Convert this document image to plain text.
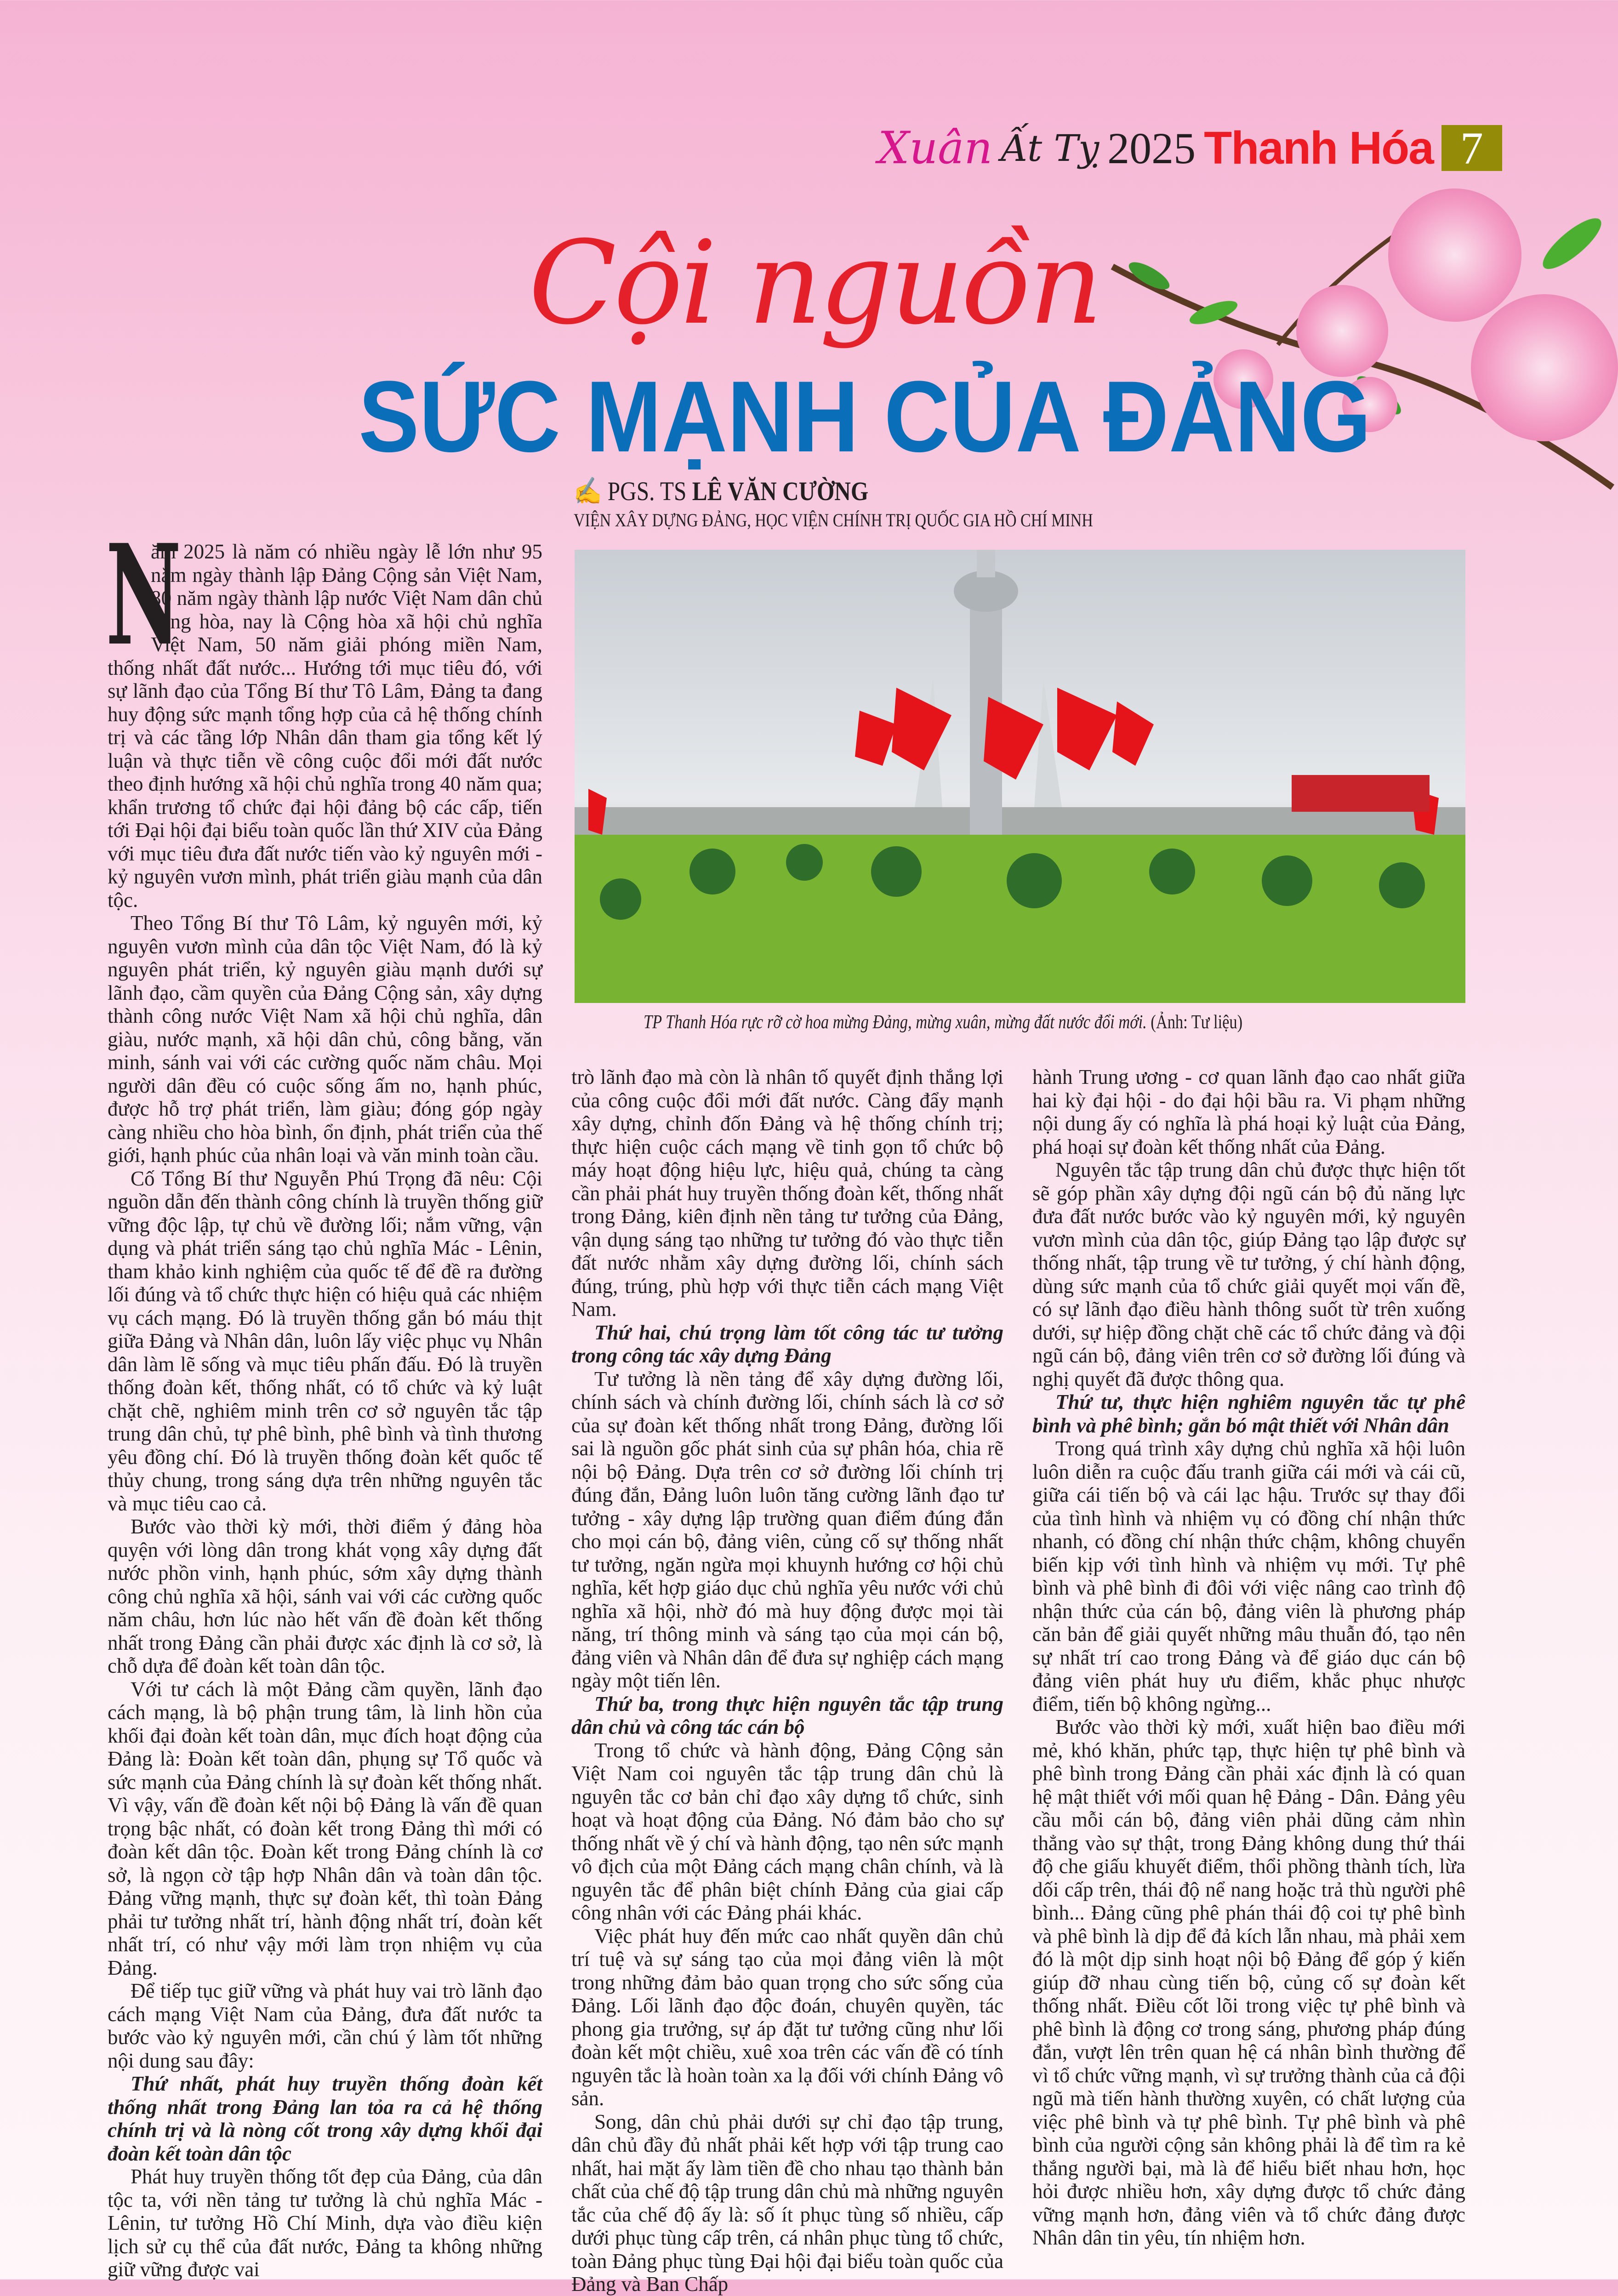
Xuân Ất Tỵ 2025 Thanh Hóa 7
Cội nguồn
SỨC MẠNH CỦA ĐẢNG
✍ PGS. TS LÊ VĂN CƯỜNG
VIỆN XÂY DỰNG ĐẢNG, HỌC VIỆN CHÍNH TRỊ QUỐC GIA HỒ CHÍ MINH
TP Thanh Hóa rực rỡ cờ hoa mừng Đảng, mừng xuân, mừng đất nước đổi mới. (Ảnh: Tư liệu)

N
ăm 2025 là năm có nhiều ngày lễ lớn như 95 năm ngày thành lập Đảng Cộng sản Việt Nam, 80 năm ngày thành lập nước Việt Nam dân chủ cộng hòa, nay là Cộng hòa xã hội chủ nghĩa Việt Nam, 50 năm giải phóng miền Nam, thống nhất đất nước... Hướng tới mục tiêu đó, với sự lãnh đạo của Tổng Bí thư Tô Lâm, Đảng ta đang huy động sức mạnh tổng hợp của cả hệ thống chính trị và các tầng lớp Nhân dân tham gia tổng kết lý luận và thực tiễn về công cuộc đổi mới đất nước theo định hướng xã hội chủ nghĩa trong 40 năm qua; khẩn trương tổ chức đại hội đảng bộ các cấp, tiến tới Đại hội đại biểu toàn quốc lần thứ XIV của Đảng với mục tiêu đưa đất nước tiến vào kỷ nguyên mới - kỷ nguyên vươn mình, phát triển giàu mạnh của dân tộc.

Theo Tổng Bí thư Tô Lâm, kỷ nguyên mới, kỷ nguyên vươn mình của dân tộc Việt Nam, đó là kỷ nguyên phát triển, kỷ nguyên giàu mạnh dưới sự lãnh đạo, cầm quyền của Đảng Cộng sản, xây dựng thành công nước Việt Nam xã hội chủ nghĩa, dân giàu, nước mạnh, xã hội dân chủ, công bằng, văn minh, sánh vai với các cường quốc năm châu. Mọi người dân đều có cuộc sống ấm no, hạnh phúc, được hỗ trợ phát triển, làm giàu; đóng góp ngày càng nhiều cho hòa bình, ổn định, phát triển của thế giới, hạnh phúc của nhân loại và văn minh toàn cầu.

Cố Tổng Bí thư Nguyễn Phú Trọng đã nêu: Cội nguồn dẫn đến thành công chính là truyền thống giữ vững độc lập, tự chủ về đường lối; nắm vững, vận dụng và phát triển sáng tạo chủ nghĩa Mác - Lênin, tham khảo kinh nghiệm của quốc tế để đề ra đường lối đúng và tổ chức thực hiện có hiệu quả các nhiệm vụ cách mạng. Đó là truyền thống gắn bó máu thịt giữa Đảng và Nhân dân, luôn lấy việc phục vụ Nhân dân làm lẽ sống và mục tiêu phấn đấu. Đó là truyền thống đoàn kết, thống nhất, có tổ chức và kỷ luật chặt chẽ, nghiêm minh trên cơ sở nguyên tắc tập trung dân chủ, tự phê bình, phê bình và tình thương yêu đồng chí. Đó là truyền thống đoàn kết quốc tế thủy chung, trong sáng dựa trên những nguyên tắc và mục tiêu cao cả.

Bước vào thời kỳ mới, thời điểm ý đảng hòa quyện với lòng dân trong khát vọng xây dựng đất nước phồn vinh, hạnh phúc, sớm xây dựng thành công chủ nghĩa xã hội, sánh vai với các cường quốc năm châu, hơn lúc nào hết vấn đề đoàn kết thống nhất trong Đảng cần phải được xác định là cơ sở, là chỗ dựa để đoàn kết toàn dân tộc.

Với tư cách là một Đảng cầm quyền, lãnh đạo cách mạng, là bộ phận trung tâm, là linh hồn của khối đại đoàn kết toàn dân, mục đích hoạt động của Đảng là: Đoàn kết toàn dân, phụng sự Tổ quốc và sức mạnh của Đảng chính là sự đoàn kết thống nhất. Vì vậy, vấn đề đoàn kết nội bộ Đảng là vấn đề quan trọng bậc nhất, có đoàn kết trong Đảng thì mới có đoàn kết dân tộc. Đoàn kết trong Đảng chính là cơ sở, là ngọn cờ tập hợp Nhân dân và toàn dân tộc. Đảng vững mạnh, thực sự đoàn kết, thì toàn Đảng phải tư tưởng nhất trí, hành động nhất trí, đoàn kết nhất trí, có như vậy mới làm trọn nhiệm vụ của Đảng.

Để tiếp tục giữ vững và phát huy vai trò lãnh đạo cách mạng Việt Nam của Đảng, đưa đất nước ta bước vào kỷ nguyên mới, cần chú ý làm tốt những nội dung sau đây:

Thứ nhất, phát huy truyền thống đoàn kết thống nhất trong Đảng lan tỏa ra cả hệ thống chính trị và là nòng cốt trong xây dựng khối đại đoàn kết toàn dân tộc

Phát huy truyền thống tốt đẹp của Đảng, của dân tộc ta, với nền tảng tư tưởng là chủ nghĩa Mác - Lênin, tư tưởng Hồ Chí Minh, dựa vào điều kiện lịch sử cụ thể của đất nước, Đảng ta không những giữ vững được vai

trò lãnh đạo mà còn là nhân tố quyết định thắng lợi của công cuộc đổi mới đất nước. Càng đẩy mạnh xây dựng, chỉnh đốn Đảng và hệ thống chính trị; thực hiện cuộc cách mạng về tinh gọn tổ chức bộ máy hoạt động hiệu lực, hiệu quả, chúng ta càng cần phải phát huy truyền thống đoàn kết, thống nhất trong Đảng, kiên định nền tảng tư tưởng của Đảng, vận dụng sáng tạo những tư tưởng đó vào thực tiễn đất nước nhằm xây dựng đường lối, chính sách đúng, trúng, phù hợp với thực tiễn cách mạng Việt Nam.

Thứ hai, chú trọng làm tốt công tác tư tưởng trong công tác xây dựng Đảng

Tư tưởng là nền tảng để xây dựng đường lối, chính sách và chính đường lối, chính sách là cơ sở của sự đoàn kết thống nhất trong Đảng, đường lối sai là nguồn gốc phát sinh của sự phân hóa, chia rẽ nội bộ Đảng. Dựa trên cơ sở đường lối chính trị đúng đắn, Đảng luôn luôn tăng cường lãnh đạo tư tưởng - xây dựng lập trường quan điểm đúng đắn cho mọi cán bộ, đảng viên, củng cố sự thống nhất tư tưởng, ngăn ngừa mọi khuynh hướng cơ hội chủ nghĩa, kết hợp giáo dục chủ nghĩa yêu nước với chủ nghĩa xã hội, nhờ đó mà huy động được mọi tài năng, trí thông minh và sáng tạo của mọi cán bộ, đảng viên và Nhân dân để đưa sự nghiệp cách mạng ngày một tiến lên.

Thứ ba, trong thực hiện nguyên tắc tập trung dân chủ và công tác cán bộ

Trong tổ chức và hành động, Đảng Cộng sản Việt Nam coi nguyên tắc tập trung dân chủ là nguyên tắc cơ bản chỉ đạo xây dựng tổ chức, sinh hoạt và hoạt động của Đảng. Nó đảm bảo cho sự thống nhất về ý chí và hành động, tạo nên sức mạnh vô địch của một Đảng cách mạng chân chính, và là nguyên tắc để phân biệt chính Đảng của giai cấp công nhân với các Đảng phái khác.

Việc phát huy đến mức cao nhất quyền dân chủ trí tuệ và sự sáng tạo của mọi đảng viên là một trong những đảm bảo quan trọng cho sức sống của Đảng. Lối lãnh đạo độc đoán, chuyên quyền, tác phong gia trưởng, sự áp đặt tư tưởng cũng như lối đoàn kết một chiều, xuê xoa trên các vấn đề có tính nguyên tắc là hoàn toàn xa lạ đối với chính Đảng vô sản.

Song, dân chủ phải dưới sự chỉ đạo tập trung, dân chủ đầy đủ nhất phải kết hợp với tập trung cao nhất, hai mặt ấy làm tiền đề cho nhau tạo thành bản chất của chế độ tập trung dân chủ mà những nguyên tắc của chế độ ấy là: số ít phục tùng số nhiều, cấp dưới phục tùng cấp trên, cá nhân phục tùng tổ chức, toàn Đảng phục tùng Đại hội đại biểu toàn quốc của Đảng và Ban Chấp

hành Trung ương - cơ quan lãnh đạo cao nhất giữa hai kỳ đại hội - do đại hội bầu ra. Vi phạm những nội dung ấy có nghĩa là phá hoại kỷ luật của Đảng, phá hoại sự đoàn kết thống nhất của Đảng.

Nguyên tắc tập trung dân chủ được thực hiện tốt sẽ góp phần xây dựng đội ngũ cán bộ đủ năng lực đưa đất nước bước vào kỷ nguyên mới, kỷ nguyên vươn mình của dân tộc, giúp Đảng tạo lập được sự thống nhất, tập trung về tư tưởng, ý chí hành động, dùng sức mạnh của tổ chức giải quyết mọi vấn đề, có sự lãnh đạo điều hành thông suốt từ trên xuống dưới, sự hiệp đồng chặt chẽ các tổ chức đảng và đội ngũ cán bộ, đảng viên trên cơ sở đường lối đúng và nghị quyết đã được thông qua.

Thứ tư, thực hiện nghiêm nguyên tắc tự phê bình và phê bình; gắn bó mật thiết với Nhân dân

Trong quá trình xây dựng chủ nghĩa xã hội luôn luôn diễn ra cuộc đấu tranh giữa cái mới và cái cũ, giữa cái tiến bộ và cái lạc hậu. Trước sự thay đổi của tình hình và nhiệm vụ có đồng chí nhận thức nhanh, có đồng chí nhận thức chậm, không chuyển biến kịp với tình hình và nhiệm vụ mới. Tự phê bình và phê bình đi đôi với việc nâng cao trình độ nhận thức của cán bộ, đảng viên là phương pháp căn bản để giải quyết những mâu thuẫn đó, tạo nên sự nhất trí cao trong Đảng và để giáo dục cán bộ đảng viên phát huy ưu điểm, khắc phục nhược điểm, tiến bộ không ngừng...

Bước vào thời kỳ mới, xuất hiện bao điều mới mẻ, khó khăn, phức tạp, thực hiện tự phê bình và phê bình trong Đảng cần phải xác định là có quan hệ mật thiết với mối quan hệ Đảng - Dân. Đảng yêu cầu mỗi cán bộ, đảng viên phải dũng cảm nhìn thẳng vào sự thật, trong Đảng không dung thứ thái độ che giấu khuyết điểm, thổi phồng thành tích, lừa dối cấp trên, thái độ nể nang hoặc trả thù người phê bình... Đảng cũng phê phán thái độ coi tự phê bình và phê bình là dịp để đả kích lẫn nhau, mà phải xem đó là một dịp sinh hoạt nội bộ Đảng để góp ý kiến giúp đỡ nhau cùng tiến bộ, củng cố sự đoàn kết thống nhất. Điều cốt lõi trong việc tự phê bình và phê bình là động cơ trong sáng, phương pháp đúng đắn, vượt lên trên quan hệ cá nhân bình thường để vì tổ chức vững mạnh, vì sự trưởng thành của cả đội ngũ mà tiến hành thường xuyên, có chất lượng của việc phê bình và tự phê bình. Tự phê bình và phê bình của người cộng sản không phải là để tìm ra kẻ thắng người bại, mà là để hiểu biết nhau hơn, học hỏi được nhiều hơn, xây dựng được tổ chức đảng vững mạnh hơn, đảng viên và tổ chức đảng được Nhân dân tin yêu, tín nhiệm hơn.
